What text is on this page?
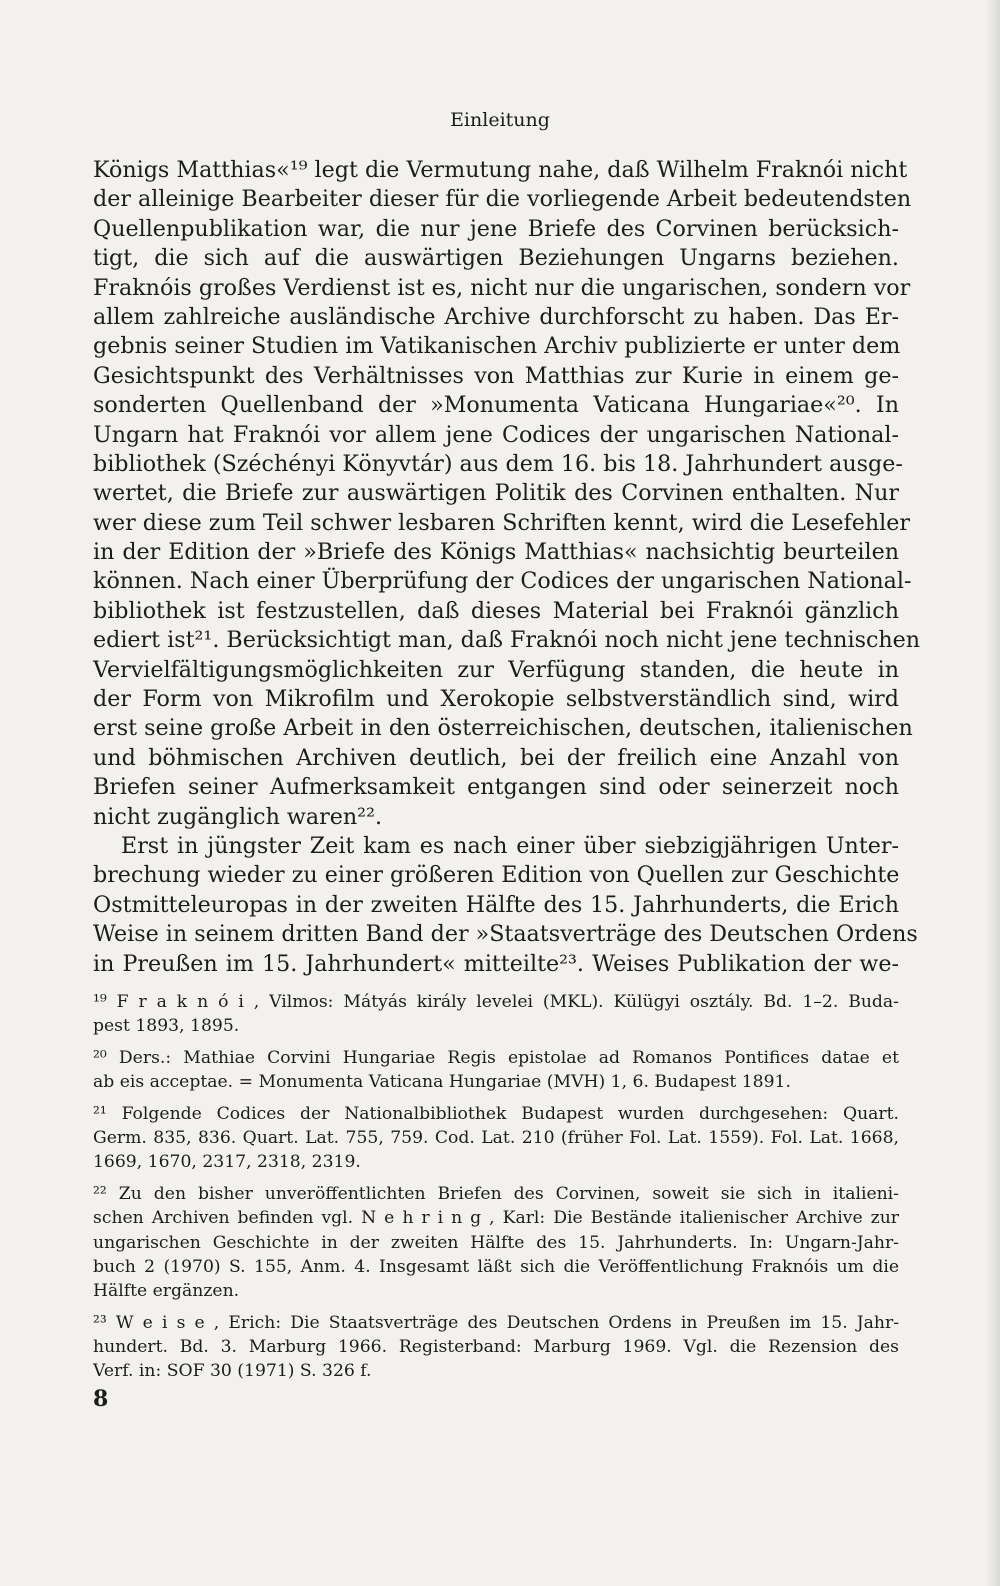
Einleitung
Königs Matthias«¹⁹ legt die Vermutung nahe, daß Wilhelm Fraknói nicht
der alleinige Bearbeiter dieser für die vorliegende Arbeit bedeutendsten
Quellenpublikation war, die nur jene Briefe des Corvinen berücksich-
tigt, die sich auf die auswärtigen Beziehungen Ungarns beziehen.
Fraknóis großes Verdienst ist es, nicht nur die ungarischen, sondern vor
allem zahlreiche ausländische Archive durchforscht zu haben. Das Er-
gebnis seiner Studien im Vatikanischen Archiv publizierte er unter dem
Gesichtspunkt des Verhältnisses von Matthias zur Kurie in einem ge-
sonderten Quellenband der »Monumenta Vaticana Hungariae«²⁰. In
Ungarn hat Fraknói vor allem jene Codices der ungarischen National-
bibliothek (Széchényi Könyvtár) aus dem 16. bis 18. Jahrhundert ausge-
wertet, die Briefe zur auswärtigen Politik des Corvinen enthalten. Nur
wer diese zum Teil schwer lesbaren Schriften kennt, wird die Lesefehler
in der Edition der »Briefe des Königs Matthias« nachsichtig beurteilen
können. Nach einer Überprüfung der Codices der ungarischen National-
bibliothek ist festzustellen, daß dieses Material bei Fraknói gänzlich
ediert ist²¹. Berücksichtigt man, daß Fraknói noch nicht jene technischen
Vervielfältigungsmöglichkeiten zur Verfügung standen, die heute in
der Form von Mikrofilm und Xerokopie selbstverständlich sind, wird
erst seine große Arbeit in den österreichischen, deutschen, italienischen
und böhmischen Archiven deutlich, bei der freilich eine Anzahl von
Briefen seiner Aufmerksamkeit entgangen sind oder seinerzeit noch
nicht zugänglich waren²².
Erst in jüngster Zeit kam es nach einer über siebzigjährigen Unter-
brechung wieder zu einer größeren Edition von Quellen zur Geschichte
Ostmitteleuropas in der zweiten Hälfte des 15. Jahrhunderts, die Erich
Weise in seinem dritten Band der »Staatsverträge des Deutschen Ordens
in Preußen im 15. Jahrhundert« mitteilte²³. Weises Publikation der we-
¹⁹ F r a k n ó i , Vilmos: Mátyás király levelei (MKL). Külügyi osztály. Bd. 1–2. Buda-
pest 1893, 1895.
²⁰ Ders.: Mathiae Corvini Hungariae Regis epistolae ad Romanos Pontifices datae et
ab eis acceptae. = Monumenta Vaticana Hungariae (MVH) 1, 6. Budapest 1891.
²¹ Folgende Codices der Nationalbibliothek Budapest wurden durchgesehen: Quart.
Germ. 835, 836. Quart. Lat. 755, 759. Cod. Lat. 210 (früher Fol. Lat. 1559). Fol. Lat. 1668,
1669, 1670, 2317, 2318, 2319.
²² Zu den bisher unveröffentlichten Briefen des Corvinen, soweit sie sich in italieni-
schen Archiven befinden vgl. N e h r i n g , Karl: Die Bestände italienischer Archive zur
ungarischen Geschichte in der zweiten Hälfte des 15. Jahrhunderts. In: Ungarn-Jahr-
buch 2 (1970) S. 155, Anm. 4. Insgesamt läßt sich die Veröffentlichung Fraknóis um die
Hälfte ergänzen.
²³ W e i s e , Erich: Die Staatsverträge des Deutschen Ordens in Preußen im 15. Jahr-
hundert. Bd. 3. Marburg 1966. Registerband: Marburg 1969. Vgl. die Rezension des
Verf. in: SOF 30 (1971) S. 326 f.
8
